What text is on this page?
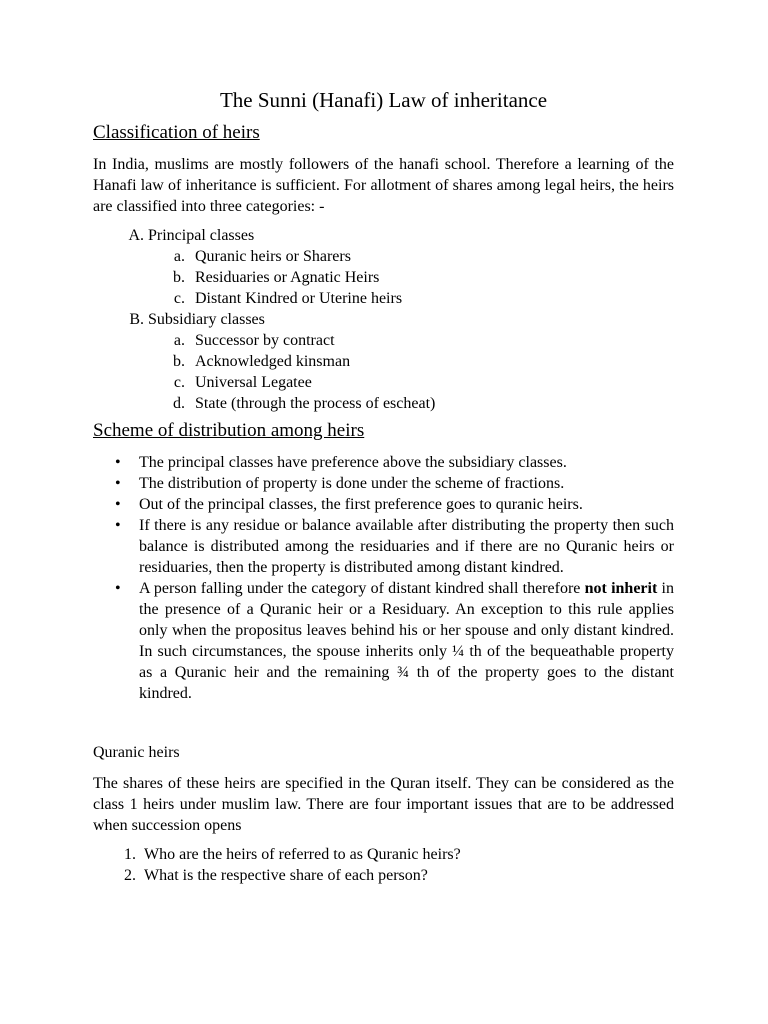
The Sunni (Hanafi) Law of inheritance
Classification of heirs

In India, muslims are mostly followers of the hanafi school. Therefore a learning of the Hanafi law of inheritance is sufficient. For allotment of shares among legal heirs, the heirs are classified into three categories: -

A. Principal classes
a. Quranic heirs or Sharers
b. Residuaries or Agnatic Heirs
c. Distant Kindred or Uterine heirs
B. Subsidiary classes
a. Successor by contract
b. Acknowledged kinsman
c. Universal Legatee
d. State (through the process of escheat)
Scheme of distribution among heirs
• The principal classes have preference above the subsidiary classes.
• The distribution of property is done under the scheme of fractions.
• Out of the principal classes, the first preference goes to quranic heirs.
• If there is any residue or balance available after distributing the property then such balance is distributed among the residuaries and if there are no Quranic heirs or residuaries, then the property is distributed among distant kindred.
• A person falling under the category of distant kindred shall therefore not inherit in the presence of a Quranic heir or a Residuary. An exception to this rule applies only when the propositus leaves behind his or her spouse and only distant kindred. In such circumstances, the spouse inherits only ¼ th of the bequeathable property as a Quranic heir and the remaining ¾ th of the property goes to the distant kindred.

Quranic heirs

The shares of these heirs are specified in the Quran itself. They can be considered as the class 1 heirs under muslim law. There are four important issues that are to be addressed when succession opens

1. Who are the heirs of referred to as Quranic heirs?
2. What is the respective share of each person?
